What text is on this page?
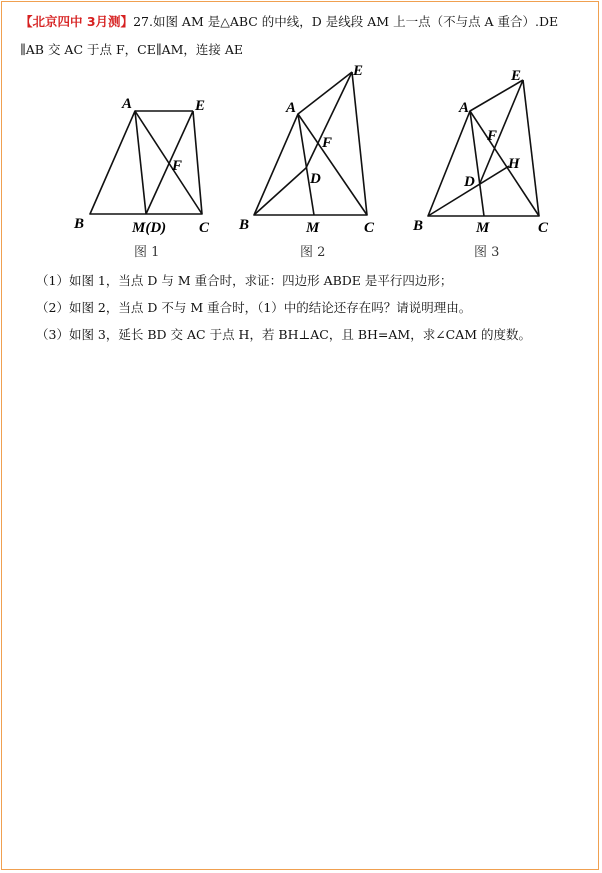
【北京四中 3月测】27.如图 AM 是△ABC 的中线，D 是线段 AM 上一点（不与点 A 重合）.DE
∥AB 交 AC 于点 F，CE∥AM，连接 AE
A	E
F
B	M(D) C
图 1
A
E
F
D
B	M	C
图 2
A
E
F
H
D
B	M	C
图 3
（1）如图 1，当点 D 与 M 重合时，求证：四边形 ABDE 是平行四边形；
（2）如图 2，当点 D 不与 M 重合时，（1）中的结论还存在吗？请说明理由。
（3）如图 3，延长 BD 交 AC 于点 H，若 BH⊥AC，且 BH=AM，求∠CAM 的度数。
